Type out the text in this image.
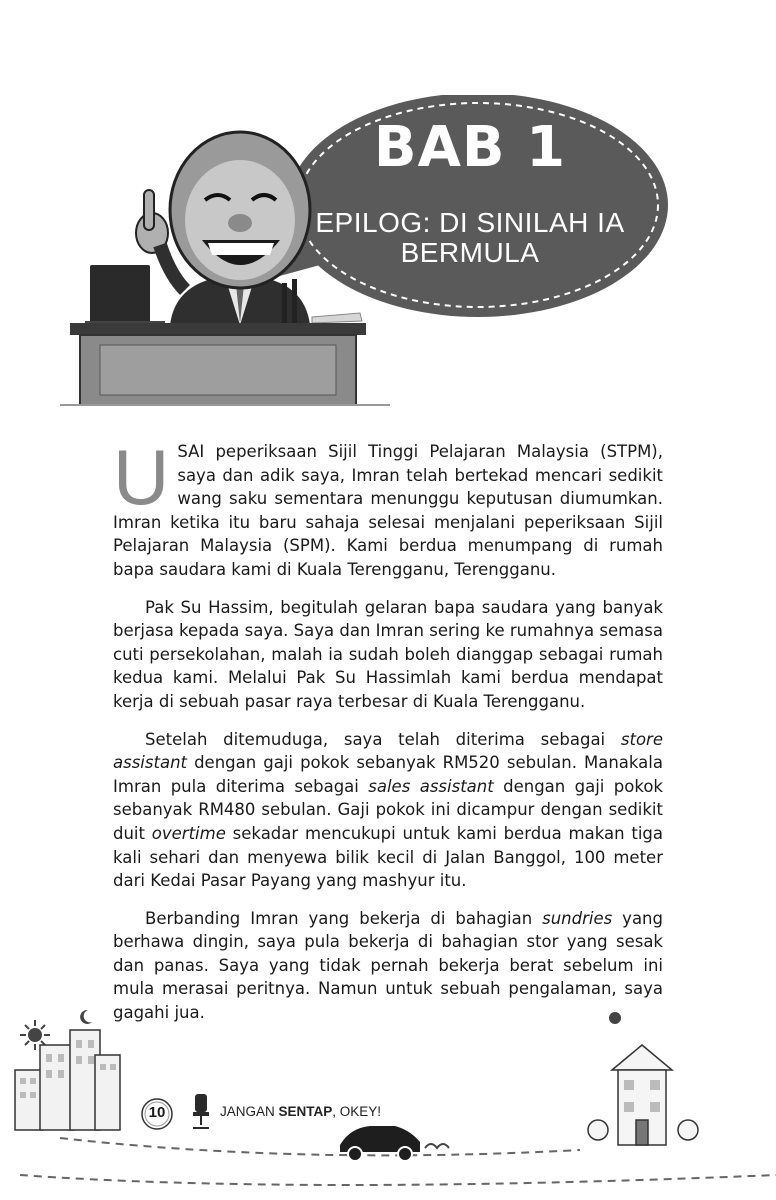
BAB 1
EPILOG: DI SINILAH IA
BERMULA

USAI peperiksaan Sijil Tinggi Pelajaran Malaysia (STPM), saya dan adik saya, Imran telah bertekad mencari sedikit wang saku sementara menunggu keputusan diumumkan. Imran ketika itu baru sahaja selesai menjalani peperiksaan Sijil Pelajaran Malaysia (SPM). Kami berdua menumpang di rumah bapa saudara kami di Kuala Terengganu, Terengganu.

Pak Su Hassim, begitulah gelaran bapa saudara yang banyak berjasa kepada saya. Saya dan Imran sering ke rumahnya semasa cuti persekolahan, malah ia sudah boleh dianggap sebagai rumah kedua kami. Melalui Pak Su Hassimlah kami berdua mendapat kerja di sebuah pasar raya terbesar di Kuala Terengganu.

Setelah ditemuduga, saya telah diterima sebagai store assistant dengan gaji pokok sebanyak RM520 sebulan. Manakala Imran pula diterima sebagai sales assistant dengan gaji pokok sebanyak RM480 sebulan. Gaji pokok ini dicampur dengan sedikit duit overtime sekadar mencukupi untuk kami berdua makan tiga kali sehari dan menyewa bilik kecil di Jalan Banggol, 100 meter dari Kedai Pasar Payang yang mashyur itu.

Berbanding Imran yang bekerja di bahagian sundries yang berhawa dingin, saya pula bekerja di bahagian stor yang sesak dan panas. Saya yang tidak pernah bekerja berat sebelum ini mula merasai peritnya. Namun untuk sebuah pengalaman, saya gagahi jua.

10	JANGAN SENTAP, OKEY!
